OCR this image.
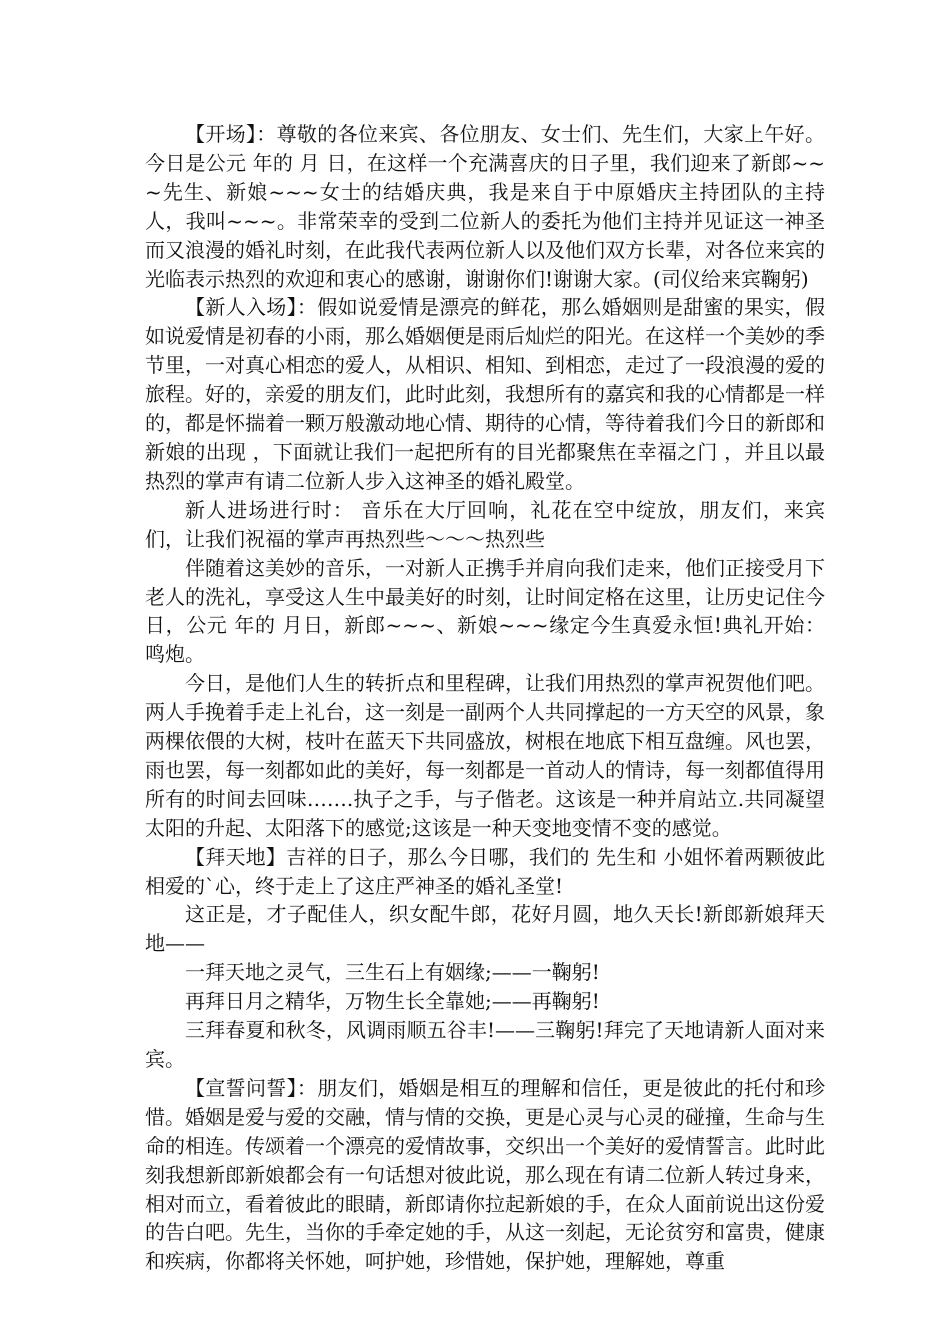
【开场】：尊敬的各位来宾、各位朋友、女士们、先生们，大家上午好。今日是公元 年的 月 日，在这样一个充满喜庆的日子里，我们迎来了新郎~~~先生、新娘~~~女士的结婚庆典，我是来自于中原婚庆主持团队的主持人，我叫~~~。非常荣幸的受到二位新人的委托为他们主持并见证这一神圣而又浪漫的婚礼时刻，在此我代表两位新人以及他们双方长辈，对各位来宾的光临表示热烈的欢迎和衷心的感谢，谢谢你们!谢谢大家。(司仪给来宾鞠躬)

【新人入场】：假如说爱情是漂亮的鲜花，那么婚姻则是甜蜜的果实，假如说爱情是初春的小雨，那么婚姻便是雨后灿烂的阳光。在这样一个美妙的季节里，一对真心相恋的爱人，从相识、相知、到相恋，走过了一段浪漫的爱的旅程。好的，亲爱的朋友们，此时此刻，我想所有的嘉宾和我的心情都是一样的，都是怀揣着一颗万般激动地心情、期待的心情，等待着我们今日的新郎和新娘的出现 ，下面就让我们一起把所有的目光都聚焦在幸福之门 ，并且以最热烈的掌声有请二位新人步入这神圣的婚礼殿堂。

新人进场进行时： 音乐在大厅回响，礼花在空中绽放，朋友们，来宾们，让我们祝福的掌声再热烈些～～～热烈些

伴随着这美妙的音乐，一对新人正携手并肩向我们走来，他们正接受月下老人的洗礼，享受这人生中最美好的时刻，让时间定格在这里，让历史记住今日，公元 年的 月日，新郎~~~、新娘~~~缘定今生真爱永恒!典礼开始：鸣炮。

今日，是他们人生的转折点和里程碑，让我们用热烈的掌声祝贺他们吧。两人手挽着手走上礼台，这一刻是一副两个人共同撑起的一方天空的风景，象两棵依偎的大树，枝叶在蓝天下共同盛放，树根在地底下相互盘缠。风也罢，雨也罢，每一刻都如此的美好，每一刻都是一首动人的情诗，每一刻都值得用所有的时间去回味…….执子之手，与子偕老。这该是一种并肩站立.共同凝望太阳的升起、太阳落下的感觉;这该是一种天变地变情不变的感觉。

【拜天地】吉祥的日子，那么今日哪，我们的 先生和 小姐怀着两颗彼此相爱的`心，终于走上了这庄严神圣的婚礼圣堂!

这正是，才子配佳人，织女配牛郎，花好月圆，地久天长!新郎新娘拜天地——

一拜天地之灵气，三生石上有姻缘;——一鞠躬!

再拜日月之精华，万物生长全靠她;——再鞠躬!

三拜春夏和秋冬，风调雨顺五谷丰!——三鞠躬!拜完了天地请新人面对来宾。

【宣誓问誓】：朋友们，婚姻是相互的理解和信任，更是彼此的托付和珍惜。婚姻是爱与爱的交融，情与情的交换，更是心灵与心灵的碰撞，生命与生命的相连。传颂着一个漂亮的爱情故事，交织出一个美好的爱情誓言。此时此刻我想新郎新娘都会有一句话想对彼此说，那么现在有请二位新人转过身来，相对而立，看着彼此的眼睛，新郎请你拉起新娘的手，在众人面前说出这份爱的告白吧。先生，当你的手牵定她的手，从这一刻起，无论贫穷和富贵，健康和疾病，你都将关怀她，呵护她，珍惜她，保护她，理解她，尊重
